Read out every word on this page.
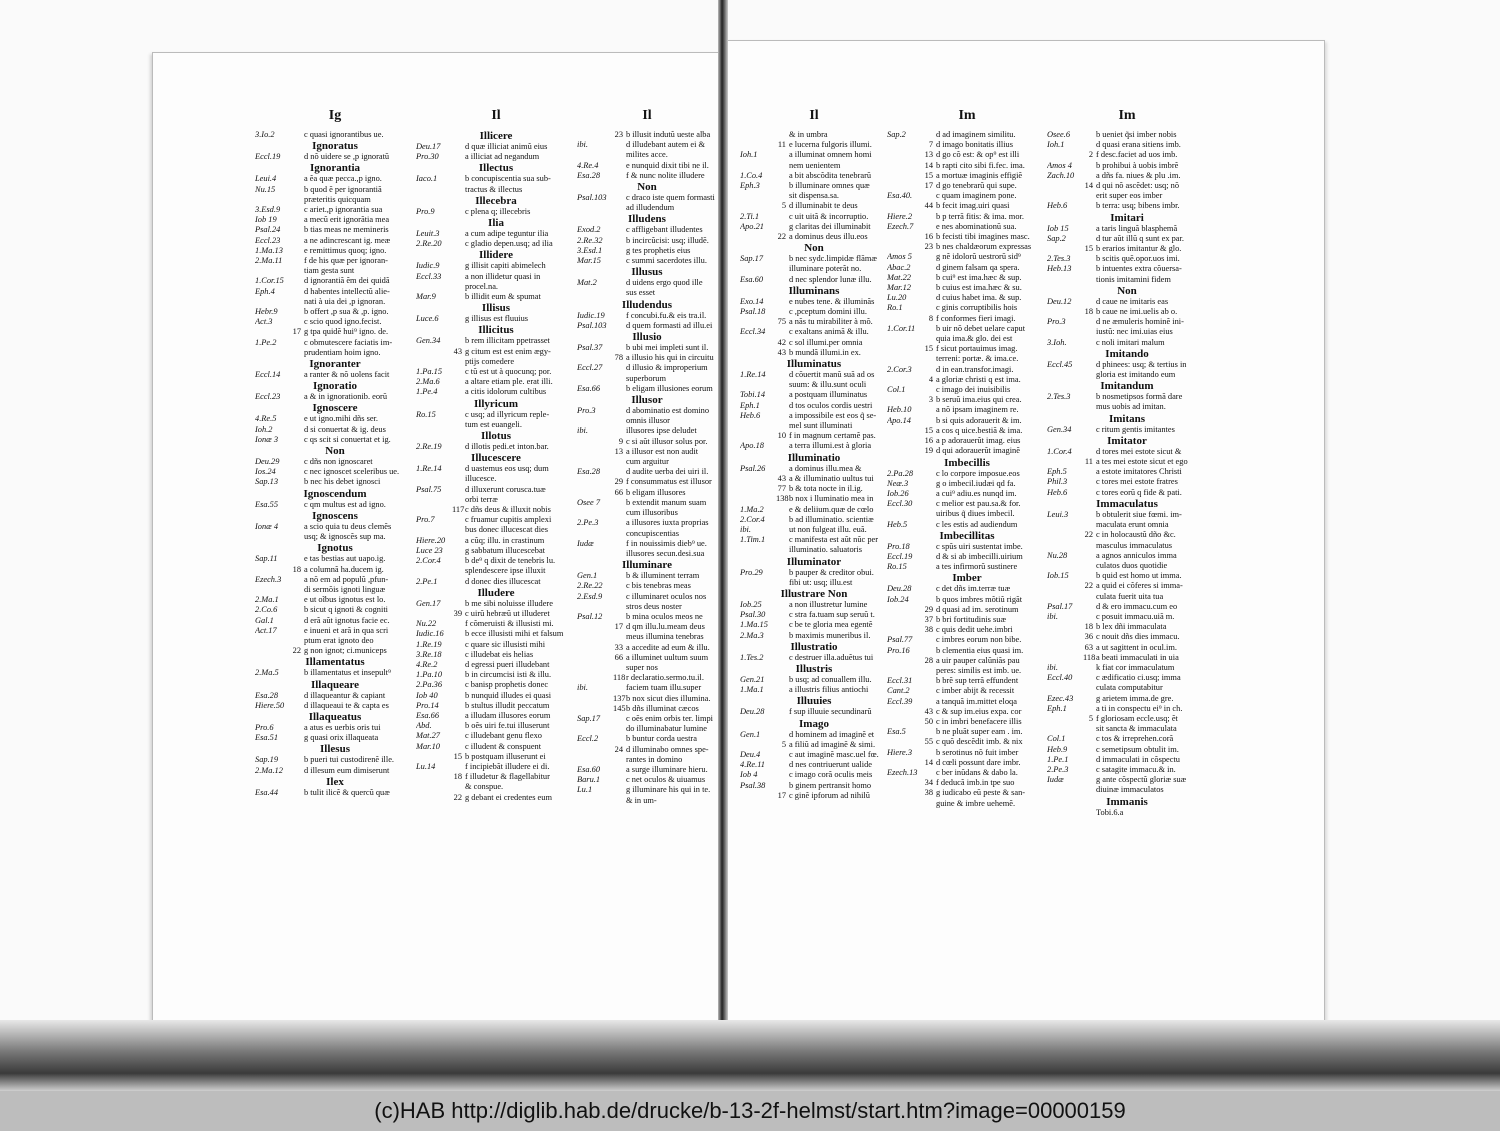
Ig
3.Io.2	c quasi ignorantibus ue.
Ignoratus
Eccl.19	d nõ uidere se ,p ignoratũ
Ignorantia
Leui.4	a ẽa quæ pecca.,p igno.
Nu.15	b quod ẽ per ignorantiã
præteritis quicquam
3.Esd.9	c ariet.,p ignorantia sua
Iob 19	a mecũ erit ignorãtia mea
Psal.24	b tias meas ne memineris
Eccl.23	a ne adincrescant ig. meæ
1.Ma.13	e remittimus quoq; igno.
2.Ma.11	f de his quæ per ignoran-
tiam gesta sunt
1.Cor.15	d ignorantiã ẽm dei quidã
Eph.4	d habentes intellectũ alie-
nati à uia dei ,p ignoran.
Hebr.9	b offert ,p sua & ,p. igno.
Act.3	c scio quod igno.fecist.
17 g tpa quidẽ hui⁹ igno. de.
1.Pe.2	c obmutescere faciatis im-
prudentiam hoim igno.
Ignoranter
Eccl.14	a ranter & nõ uolens facit
Ignoratio
Eccl.23	a & in ignorationib. eorũ
Ignoscere
4.Re.5	e ut igno.mihi dñs ser.
Ioh.2	d si conuertat & ig. deus
Ionæ 3	c qs scit si conuertat et ig.
Non
Deu.29	c dñs non ignoscaret
Ios.24	c nec ignoscet sceleribus ue.
Sap.13	b nec his debet ignosci
Ignoscendum
Esa.55	c qm multus est ad igno.
Ignoscens
Ionæ 4	a scio quia tu deus clemẽs
usq; & ignoscẽs sup ma.
Ignotus
Sap.11	e tas bestias aut uapo.ig.
18 a columnã ha.ducem ig.
Ezech.3	a nõ em ad populũ ,pfun-
di sermõis ignoti linguæ
2.Ma.1	e ut oĩbus ignotus est lo.
2.Co.6	b sicut q ignoti & cogniti
Gal.1	d erã aũt ignotus facie ec.
Act.17	e inueni et arã in qua scri
ptum erat ignoto deo
22 g non ignot; ci.municeps
Illamentatus
2.Ma.5	b illamentatus et insepult⁹
Illaqueare
Esa.28	d illaqueantur & capiant
Hiere.50	d illaqueaui te & capta es
Illaqueatus
Pro.6	a atus es uerbis oris tui
Esa.51	g quasi orix illaqueata
Illesus
Sap.19	b pueri tui custodirenẽ ille.
2.Ma.12	d illesum eum dimiserunt
Ilex
Esa.44	b tulit ilicẽ & quercũ quæ
Il
Illicere
Deu.17	d quæ illiciat animũ eius
Pro.30	a illiciat ad negandum
Illectus
Iaco.1	b concupiscentia sua sub-
tractus & illectus
Illecebra
Pro.9	c plena q; illecebris
Ilia
Leuit.3	a cum adipe teguntur ilia
2.Re.20	c gladio depen.usq; ad ilia
Illidere
Iudic.9	g illisit capiti abimelech
Eccl.33	a non illidetur quasi in
procel.na.
Mar.9	b illidit eum & spumat
Illisus
Luce.6	g illisus est fluuius
Illicitus
Gen.34	b rem illicitam ppetrasset
43 g citum est est enim ægy-
ptijs comedere
1.Pa.15	c tũ est ut à quocunq; por.
2.Ma.6	a altare etiam ple. erat illi.
1.Pe.4	a citis idolorum cultibus
Illyricum
Ro.15	c usq; ad illyricum reple-
tum est euangeli.
Illotus
2.Re.19	d illotis pedi.et inton.bar.
Illucescere
1.Re.14	d uastemus eos usq; dum
illucesce.
Psal.75	d illuxerunt corusca.tuæ
orbi terræ
117 c dñs deus & illuxit nobis
Pro.7	c fruamur cupitis amplexi
bus donec illucescat dies
Hiere.20	a cũq; illu. in crastinum
Luce 23	g sabbatum illucescebat
2.Cor.4	b de⁹ q dixit de tenebris lu.
splendescere ipse illuxit
2.Pe.1	d donec dies illucescat
Illudere
Gen.17	b me sibi noluisse illudere
39 c uirũ hebræũ ut illuderet
Nu.22	f cõmeruisti & illusisti mi.
Iudic.16	b ecce illusisti mihi et falsum
1.Re.19	c quare sic illusisti mihi
3.Re.18	c illudebat eis helias
4.Re.2	d egressi pueri illudebant
1.Pa.10	b in circumcisi isti & illu.
2.Pa.36	c banisp prophetis donec
Iob 40	b nunquid illudes ei quasi
Pro.14	b stultus illudit peccatum
Esa.66	a illudam illusores eorum
Abd.	b oẽs uiri fe.tui illuserunt
Mat.27	c illudebant genu flexo
Mar.10	c illudent & conspuent
15 b postquam illuserunt ei
Lu.14	f incipiebãt illudere ei di.
18 f illudetur & flagellabitur
& conspue.
22 g debant ei credentes eum
Il
23 b illusit indutũ ueste alba
ibi.	d illudebant autem ei &
milites acce.
4.Re.4	e nunquid dixit tibi ne il.
Esa.28	f & nunc nolite illudere
Non
Psal.103	c draco iste quem formasti
ad illudendum
Illudens
Exod.2	c affligebant illudentes
2.Re.32	b incircũcisi: usq; illudẽ.
3.Esd.1	g tes prophetis eius
Mar.15	c summi sacerdotes illu.
Illusus
Mat.2	d uidens ergo quod ille
sus esset
Illudendus
Iudic.19	f concubi.fu.& eis tra.il.
Psal.103	d quem formasti ad illu.ei
Illusio
Psal.37	b ubi mei impleti sunt il.
78 a illusio his qui in circuitu
Eccl.27	d illusio & improperium
superborum
Esa.66	b eligam illusiones eorum
Illusor
Pro.3	d abominatio est domino
omnis illusor
ibi.	illusores ipse deludet
9 c si aũt illusor solus por.
13 a illusor est non audit
cum arguitur
Esa.28	d audite uerba dei uiri il.
29 f consummatus est illusor
66 b eligam illusores
Osee 7	b extendit manum suam
cum illusoribus
2.Pe.3	a illusores iuxta proprias
concupiscentias
Iudæ	f in nouissimis dieb⁹ ue.
illusores secun.desi.sua
Illuminare
Gen.1	b & illuminent terram
2.Re.22	c bis tenebras meas
2.Esd.9	c illuminaret oculos nos
stros deus noster
Psal.12	b mina oculos meos ne
17 d qm illu.lu.meam deus
meus illumina tenebras
33 a accedite ad eum & illu.
66 a illuminet uultum suum
super nos
118 r declaratio.sermo.tu.il.
ibi.	faciem tuam illu.super
137 b nox sicut dies illumina.
145 b dñs illuminat cæcos
Sap.17	c oẽs enim orbis ter. limpi
do illuminabatur lumine
Eccl.2	b buntur corda uestra
24 d illuminabo omnes spe-
rantes in domino
Esa.60	a surge illuminare hieru.
Baru.1	c net oculos & uiuamus
Lu.1	g illuminare his qui in te.
& in um-
Il
& in umbra
11 e lucerna fulgoris illumi.
Ioh.1	a illuminat omnem homi
nem uenientem
1.Co.4	a bit abscõdita tenebrarũ
Eph.3	b illuminare omnes quæ
sit dispensa.sa.
5 d illuminabit te deus
2.Ti.1	c uit uitã & incorruptio.
Apo.21	g claritas dei illuminabit
22 a dominus deus illu.eos
Non
Sap.17	b nec sydc.limpidæ flãmæ
illuminare poterãt no.
Esa.60	d nec splendor lunæ illu.
Illuminans
Exo.14	e nubes tene. & illuminãs
Psal.18	c ,pceptum domini illu.
75 a nãs tu mirabiliter à mõ.
Eccl.34	c exaltans animã & illu.
42 c sol illumi.per omnia
43 b mundã illumi.in ex.
Illuminatus
1.Re.14	d cõuertit manũ suã ad os
suum: & illu.sunt oculi
Tobi.14	a postquam illuminatus
Eph.1	d tos oculos cordis uestri
Heb.6	a impossibile est eos q̃ se-
mel sunt illuminati
10 f in magnum certamẽ pas.
Apo.18	a terra illumi.est à gloria
Illuminatio
Psal.26	a dominus illu.mea &
43 a & illuminatio uultus tui
77 b & tota nocte in il.ig.
138 b nox i lluminatio mea in
1.Ma.2	e & deliium.quæ de cœlo
2.Cor.4	b ad illuminatio. scientiæ
ibi.	ut non fulgeat illu. euã.
1.Tim.1	c manifesta est aũt nũc per
illuminatio. saluatoris
Illuminator
Pro.29	b pauper & creditor obui.
fibi ut: usq; illu.est
Illustrare Non
Iob.25	a non illustretur lumine
Psal.30	c stra fa.tuam sup seruũ t.
1.Ma.15	c be te gloria mea egentẽ
2.Ma.3	b maximis muneribus il.
Illustratio
1.Tes.2	c destruer illa.aduẽtus tui
Illustris
Gen.21	b usq; ad conuallem illu.
1.Ma.1	a illustris filius antiochi
Illuuies
Deu.28	f sup illuuie secundinarũ
Imago
Gen.1	d hominem ad imaginẽ et
5 a filiũ ad imaginẽ & simi.
Deu.4	c aut imaginẽ masc.uel fœ.
4.Re.11	d nes contriuerunt ualide
Iob 4	c imago corã oculis meis
Psal.38	b ginem pertransit homo
17 c ginẽ ipforum ad nihilũ
Im
Sap.2	d ad imaginem similitu.
7 d imago bonitatis illius
13 d go cõ est: & op⁹ est illi
14 b rapti cito sibi fi.fec. ima.
15 a mortuæ imaginis effigiẽ
17 d go tenebrarũ qui supe.
Esa.40.	c quam imaginem pone.
44 b fecit imag.uiri quasi
Hiere.2	b p terrã fitis: & ima. mor.
Ezech.7	e nes abominationũ sua.
16 b fecisti tibi imagines masc.
23 b nes chaldæorum expressas
Amos 5	g nẽ idolorũ uestrorũ sid⁹
Abac.2	d ginem falsam qa spera.
Mat.22	b cui⁹ est ima.hæc & sup.
Mar.12	b cuius est ima.hæc & su.
Lu.20	d cuius habet ima. & sup.
Ro.1	c ginis corruptibilis hois
8 f conformes fieri imagi.
1.Cor.11	b uir nõ debet uelare caput
quia ima.& glo. dei est
15 f sicut portauimus imag.
terreni: portæ. & ima.ce.
2.Cor.3	d in ean.transfor.imagi.
4 a gloriæ christi q est ima.
Col.1	c imago dei inuisibilis
3 b seruũ ima.eius qui crea.
Heb.10	a nõ ipsam imaginem re.
Apo.14	b si quis adorauerit & im.
15 a cos q uice.bestiã & ima.
16 a p adorauerũt imag. eius
19 d qui adorauerũt imaginẽ
Imbecillis
2.Pa.28	c lo corpore imposue.eos
Neæ.3	g o imbecil.iudæi qd fa.
Iob.26	a cui⁹ adiu.es nunqd im.
Eccl.30	c melior est pau.sa.& for.
uiribus q̃ diues imbecil.
Heb.5	c les estis ad audiendum
Imbecillitas
Pro.18	c spũs uiri sustentat imbe.
Eccl.19	d & si ab imbecilli.uirium
Ro.15	a tes infirmorũ sustinere
Imber
Deu.28	c det dñs im.terræ tuæ
Iob.24	b quos imbres mõtiũ rigãt
29 d quasi ad im. serotinum
37 b bri fortitudinis suæ
38 c quis dedit uehe.imbri
Psal.77	c imbres eorum non bibe.
Pro.16	b clementia eius quasi im.
28 a uir pauper calũniãs pau
peres: similis est imb. ue.
Eccl.31	b brẽ sup terrã effundent
Cant.2	c imber abijt & recessit
Eccl.39	a tanquã im.mittet eloqa
43 c & sup im.eius expa. cor
50 c in imbri benefacere illis
Esa.5	b ne pluãt super eam . im.
55 c quõ descẽdit imb. & nix
Hiere.3	b serotinus nõ fuit imber
14 d cœli possunt dare imbr.
Ezech.13	c ber inũdans & dabo la.
34 f deducã imb.in tpe suo
38 g iudicabo eũ peste & san-
guine & imbre uehemẽ.
Im
Osee.6	b ueniet q̃si imber nobis
Ioh.1	d quasi erana sitiens imb.
2 f desc.faciet ad uos imb.
Amos 4	b prohibui à uobis imbrẽ
Zach.10	a dñs fa. niues & plu .im.
14 d qui nõ ascẽdet: usq; nõ
erit super eos imber
Heb.6	b terra: usq; bibens imbr.
Imitari
Iob 15	a taris linguã blasphemã
Sap.2	d tur aũt illũ q sunt ex par.
15 b erarios imitantur & glo.
2.Tes.3	b scitis quẽ.opor.uos imi.
Heb.13	b intuentes extra cõuersa-
tionis imitamini fidem
Non
Deu.12	d caue ne imitaris eas
18 b caue ne imi.uelis ab o.
Pro.3	d ne æmuleris hominẽ ini-
iustũ: nec imi.uias eius
3.Ioh.	c noli imitari malum
Imitando
Eccl.45	d phinees: usq; & tertius in
gloria est imitando eum
Imitandum
2.Tes.3	b nosmetipsos formã dare
mus uobis ad imitan.
Imitans
Gen.34	c ritum gentis imitantes
Imitator
1.Cor.4	d tores mei estote sicut &
11 a tes mei estote sicut et ego
Eph.5	a estote imitatores Christi
Phil.3	c tores mei estote fratres
Heb.6	c tores eorũ q fide & pati.
Immaculatus
Leui.3	b obtulerit siue fœmi. im-
maculata erunt omnia
22 c in holocaustũ dño &c.
masculus immaculatus
Nu.28	a agnos anniculos imma
culatos duos quotidie
Iob.15	b quid est homo ut imma.
22 a quid ei cõferes si imma-
culata fuerit uita tua
Psal.17	d & ero immacu.cum eo
ibi.	c posuit immacu.uiã m.
18 b lex dñi immaculata
36 c nouit dñs dies immacu.
63 a ut sagittent in ocul.im.
118 a beati immaculati in uia
ibi.	k fiat cor immaculatum
Eccl.40	c ædificatio ci.usq; imma
culata computabitur
Ezec.43	g arietem imma.de gre.
Eph.1	a ti in conspectu ei⁹ in ch.
5 f gloriosam eccle.usq; ẽt
sit sancta & immaculata
Col.1	c tos & irreprehen.corã
Heb.9	c semetipsum obtulit im.
1.Pe.1	d immaculati in cõspectu
2.Pe.3	c satagite immacu.& in.
Iudæ	g ante cõspectũ gloriæ suæ
diuinæ immaculatos
Immanis
Tobi.6.a
(c)HAB http://diglib.hab.de/drucke/b-13-2f-helmst/start.htm?image=00000159
